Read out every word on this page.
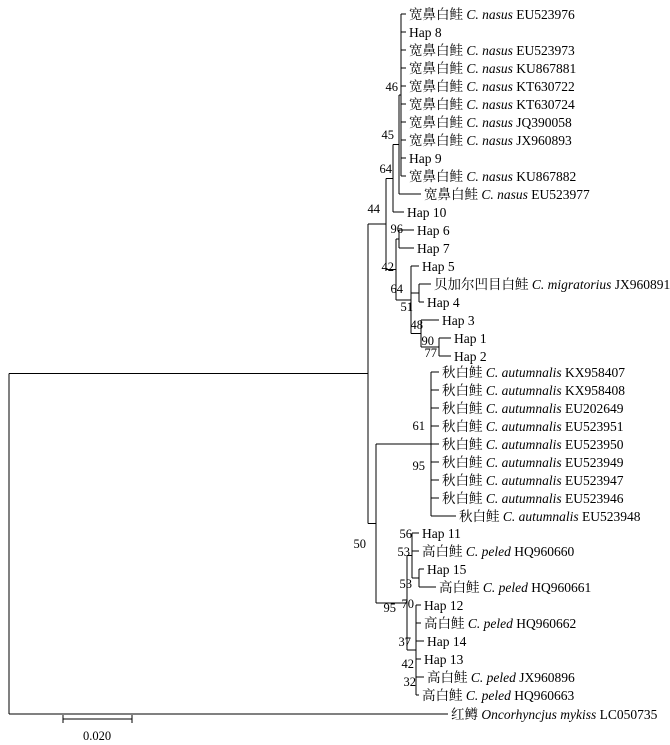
宽鼻白鲑 C. nasus EU523976
Hap 8
宽鼻白鲑 C. nasus EU523973
宽鼻白鲑 C. nasus KU867881
宽鼻白鲑 C. nasus KT630722
宽鼻白鲑 C. nasus KT630724
宽鼻白鲑 C. nasus JQ390058
宽鼻白鲑 C. nasus JX960893
Hap 9
宽鼻白鲑 C. nasus KU867882
宽鼻白鲑 C. nasus EU523977
Hap 10
Hap 6
Hap 7
Hap 5
贝加尔凹目白鲑 C. migratorius JX960891
Hap 4
Hap 3
Hap 1
Hap 2
秋白鲑 C. autumnalis KX958407
秋白鲑 C. autumnalis KX958408
秋白鲑 C. autumnalis EU202649
秋白鲑 C. autumnalis EU523951
秋白鲑 C. autumnalis EU523950
秋白鲑 C. autumnalis EU523949
秋白鲑 C. autumnalis EU523947
秋白鲑 C. autumnalis EU523946
秋白鲑 C. autumnalis EU523948
Hap 11
高白鲑 C. peled HQ960660
Hap 15
高白鲑 C. peled HQ960661
Hap 12
高白鲑 C. peled HQ960662
Hap 14
Hap 13
高白鲑 C. peled JX960896
高白鲑 C. peled HQ960663
红鳟 Oncorhyncjus mykiss LC050735
46
45
64
44
96
42
64
51
48
90
77
61
95
50
56
53
53
70
95
37
42
32
0.020
